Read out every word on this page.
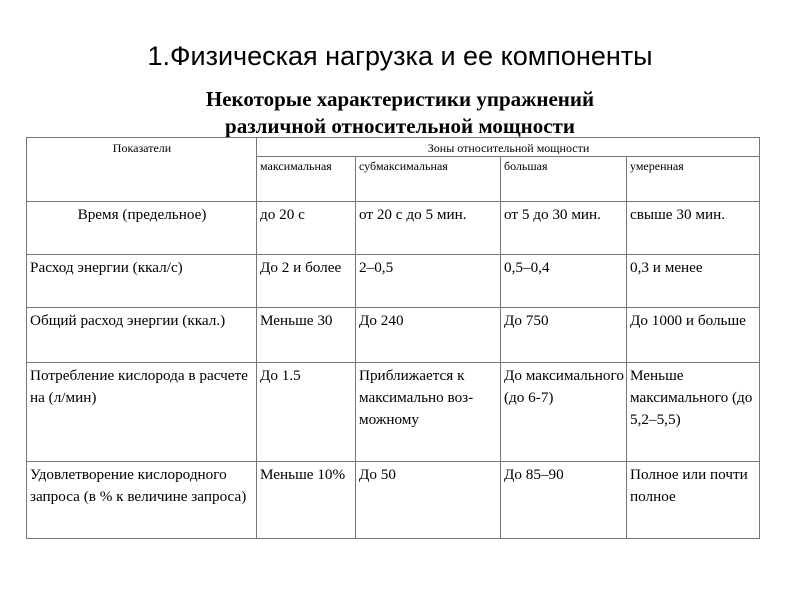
1.Физическая нагрузка и ее компоненты
Некоторые характеристики упражнений
различной относительной мощности
Показатели	Зоны относительной мощности			
	максимальная	субмаксимальная	большая	умеренная
Время (предельное)	до 20 с	от 20 с до 5 мин.	от 5 до 30 мин.	свыше 30 мин.
Расход энергии (ккал/с)	До 2 и более	2–0,5	0,5–0,4	0,3 и менее
Общий расход энергии (ккал.)	Меньше 30	До 240	До 750	До 1000 и больше
Потребление кислорода в расчете на (л/мин)	До 1.5	Приближается к максимально воз-можному	До максимального (до 6-7)	Меньше максимального (до 5,2–5,5)
Удовлетворение кислородного запроса (в % к величине запроса)	Меньше 10%	До 50	До 85–90	Полное или почти полное
